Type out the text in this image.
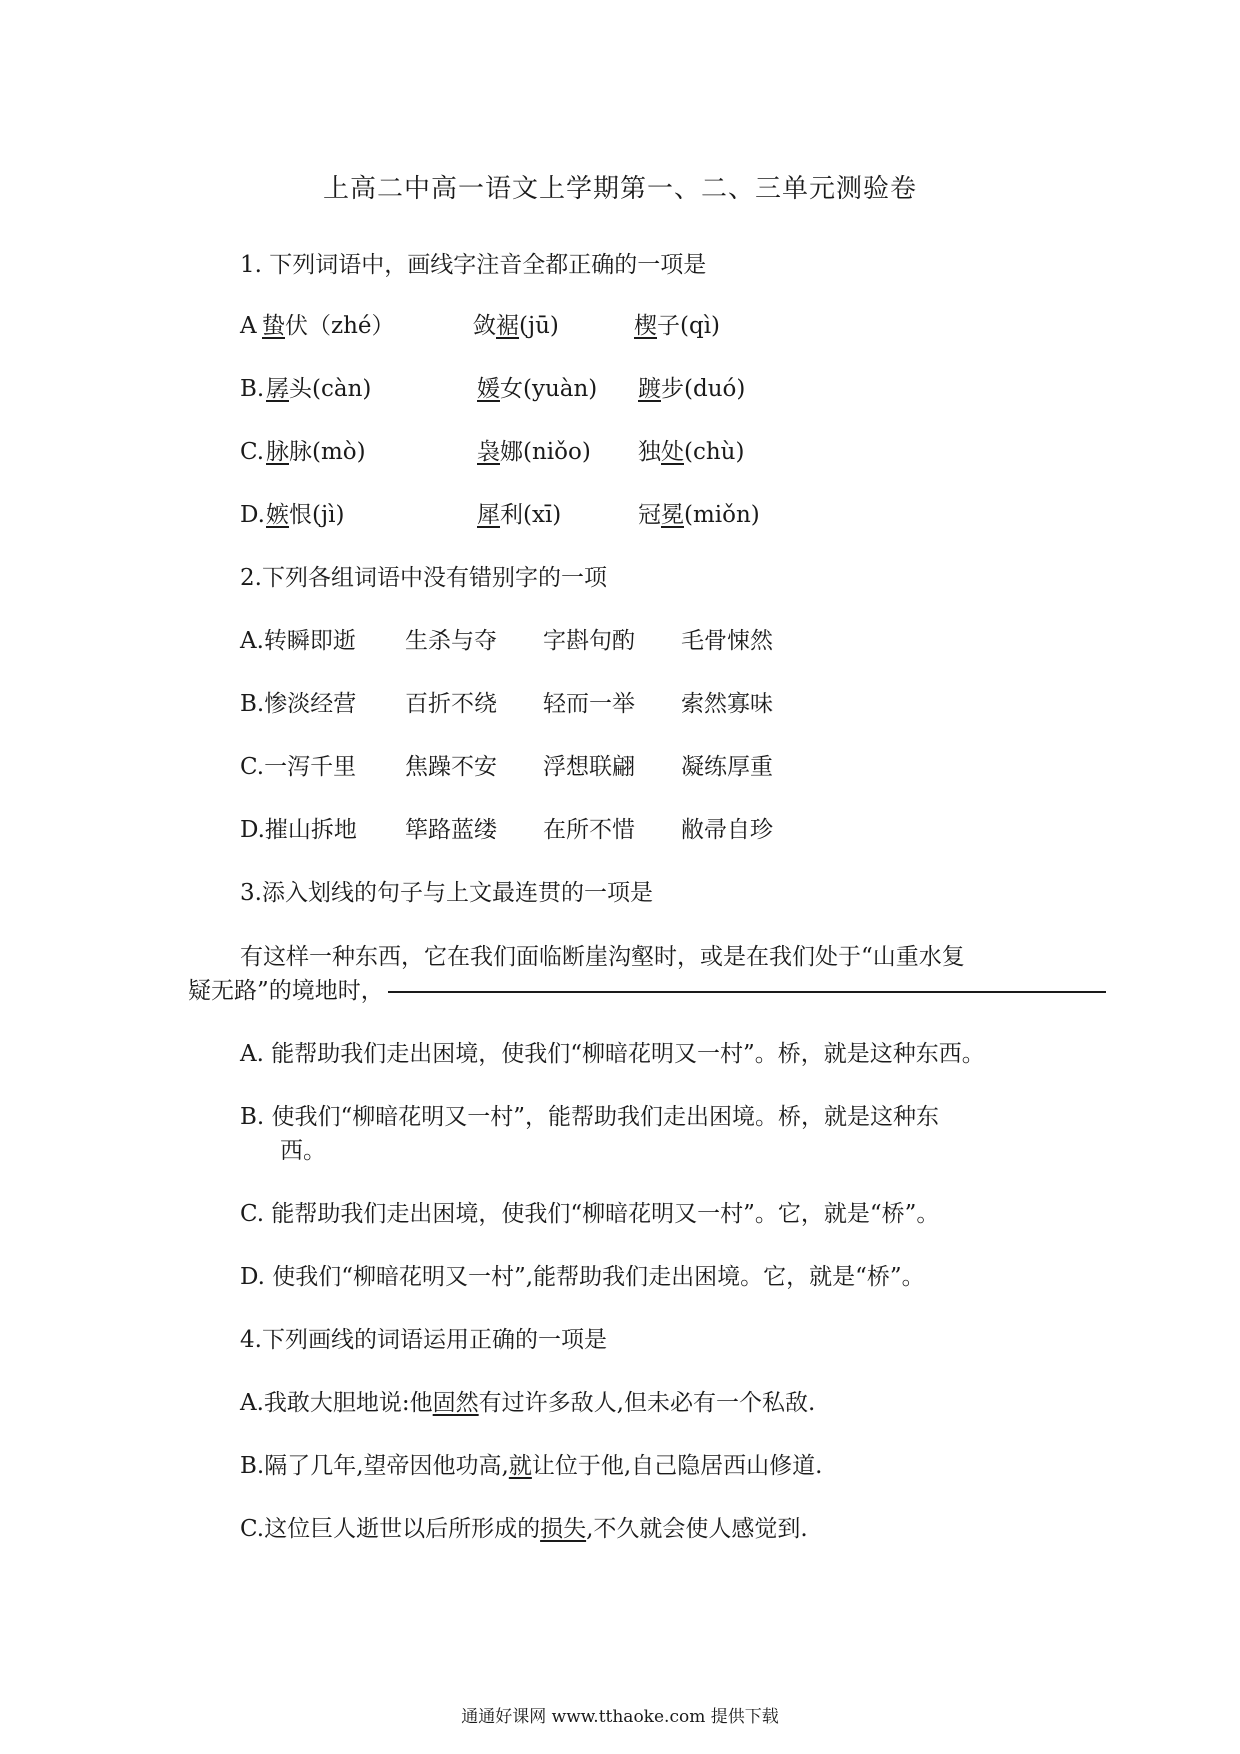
上高二中高一语文上学期第一、二、三单元测验卷
1. 下列词语中，画线字注音全都正确的一项是
A 蛰伏（zhé）	敛裾(jū)	楔子(qì)
B. 孱头(càn)	媛女(yuàn) 踱步(duó)
C. 脉脉(mò)	袅娜(niǒo) 独处(chù)
D. 嫉恨(jì)	犀利(xī)	冠冕(miǒn)
2.下列各组词语中没有错别字的一项
A.转瞬即逝 生杀与夺 字斟句酌 毛骨悚然
B.惨淡经营 百折不绕 轻而一举 索然寡味
C.一泻千里 焦躁不安 浮想联翩 凝练厚重
D.摧山拆地 筚路蓝缕 在所不惜 敝帚自珍
3.添入划线的句子与上文最连贯的一项是
有这样一种东西，它在我们面临断崖沟壑时，或是在我们处于“山重水复
疑无路”的境地时，
A. 能帮助我们走出困境，使我们“柳暗花明又一村”。桥，就是这种东西。
B. 使我们“柳暗花明又一村”，能帮助我们走出困境。桥，就是这种东
西。
C. 能帮助我们走出困境，使我们“柳暗花明又一村”。它，就是“桥”。
D. 使我们“柳暗花明又一村”,能帮助我们走出困境。它，就是“桥”。
4.下列画线的词语运用正确的一项是
A.我敢大胆地说:他固然有过许多敌人,但未必有一个私敌.
B.隔了几年,望帝因他功高,就让位于他,自己隐居西山修道.
C.这位巨人逝世以后所形成的损失,不久就会使人感觉到.
通通好课网 www.tthaoke.com 提供下载
